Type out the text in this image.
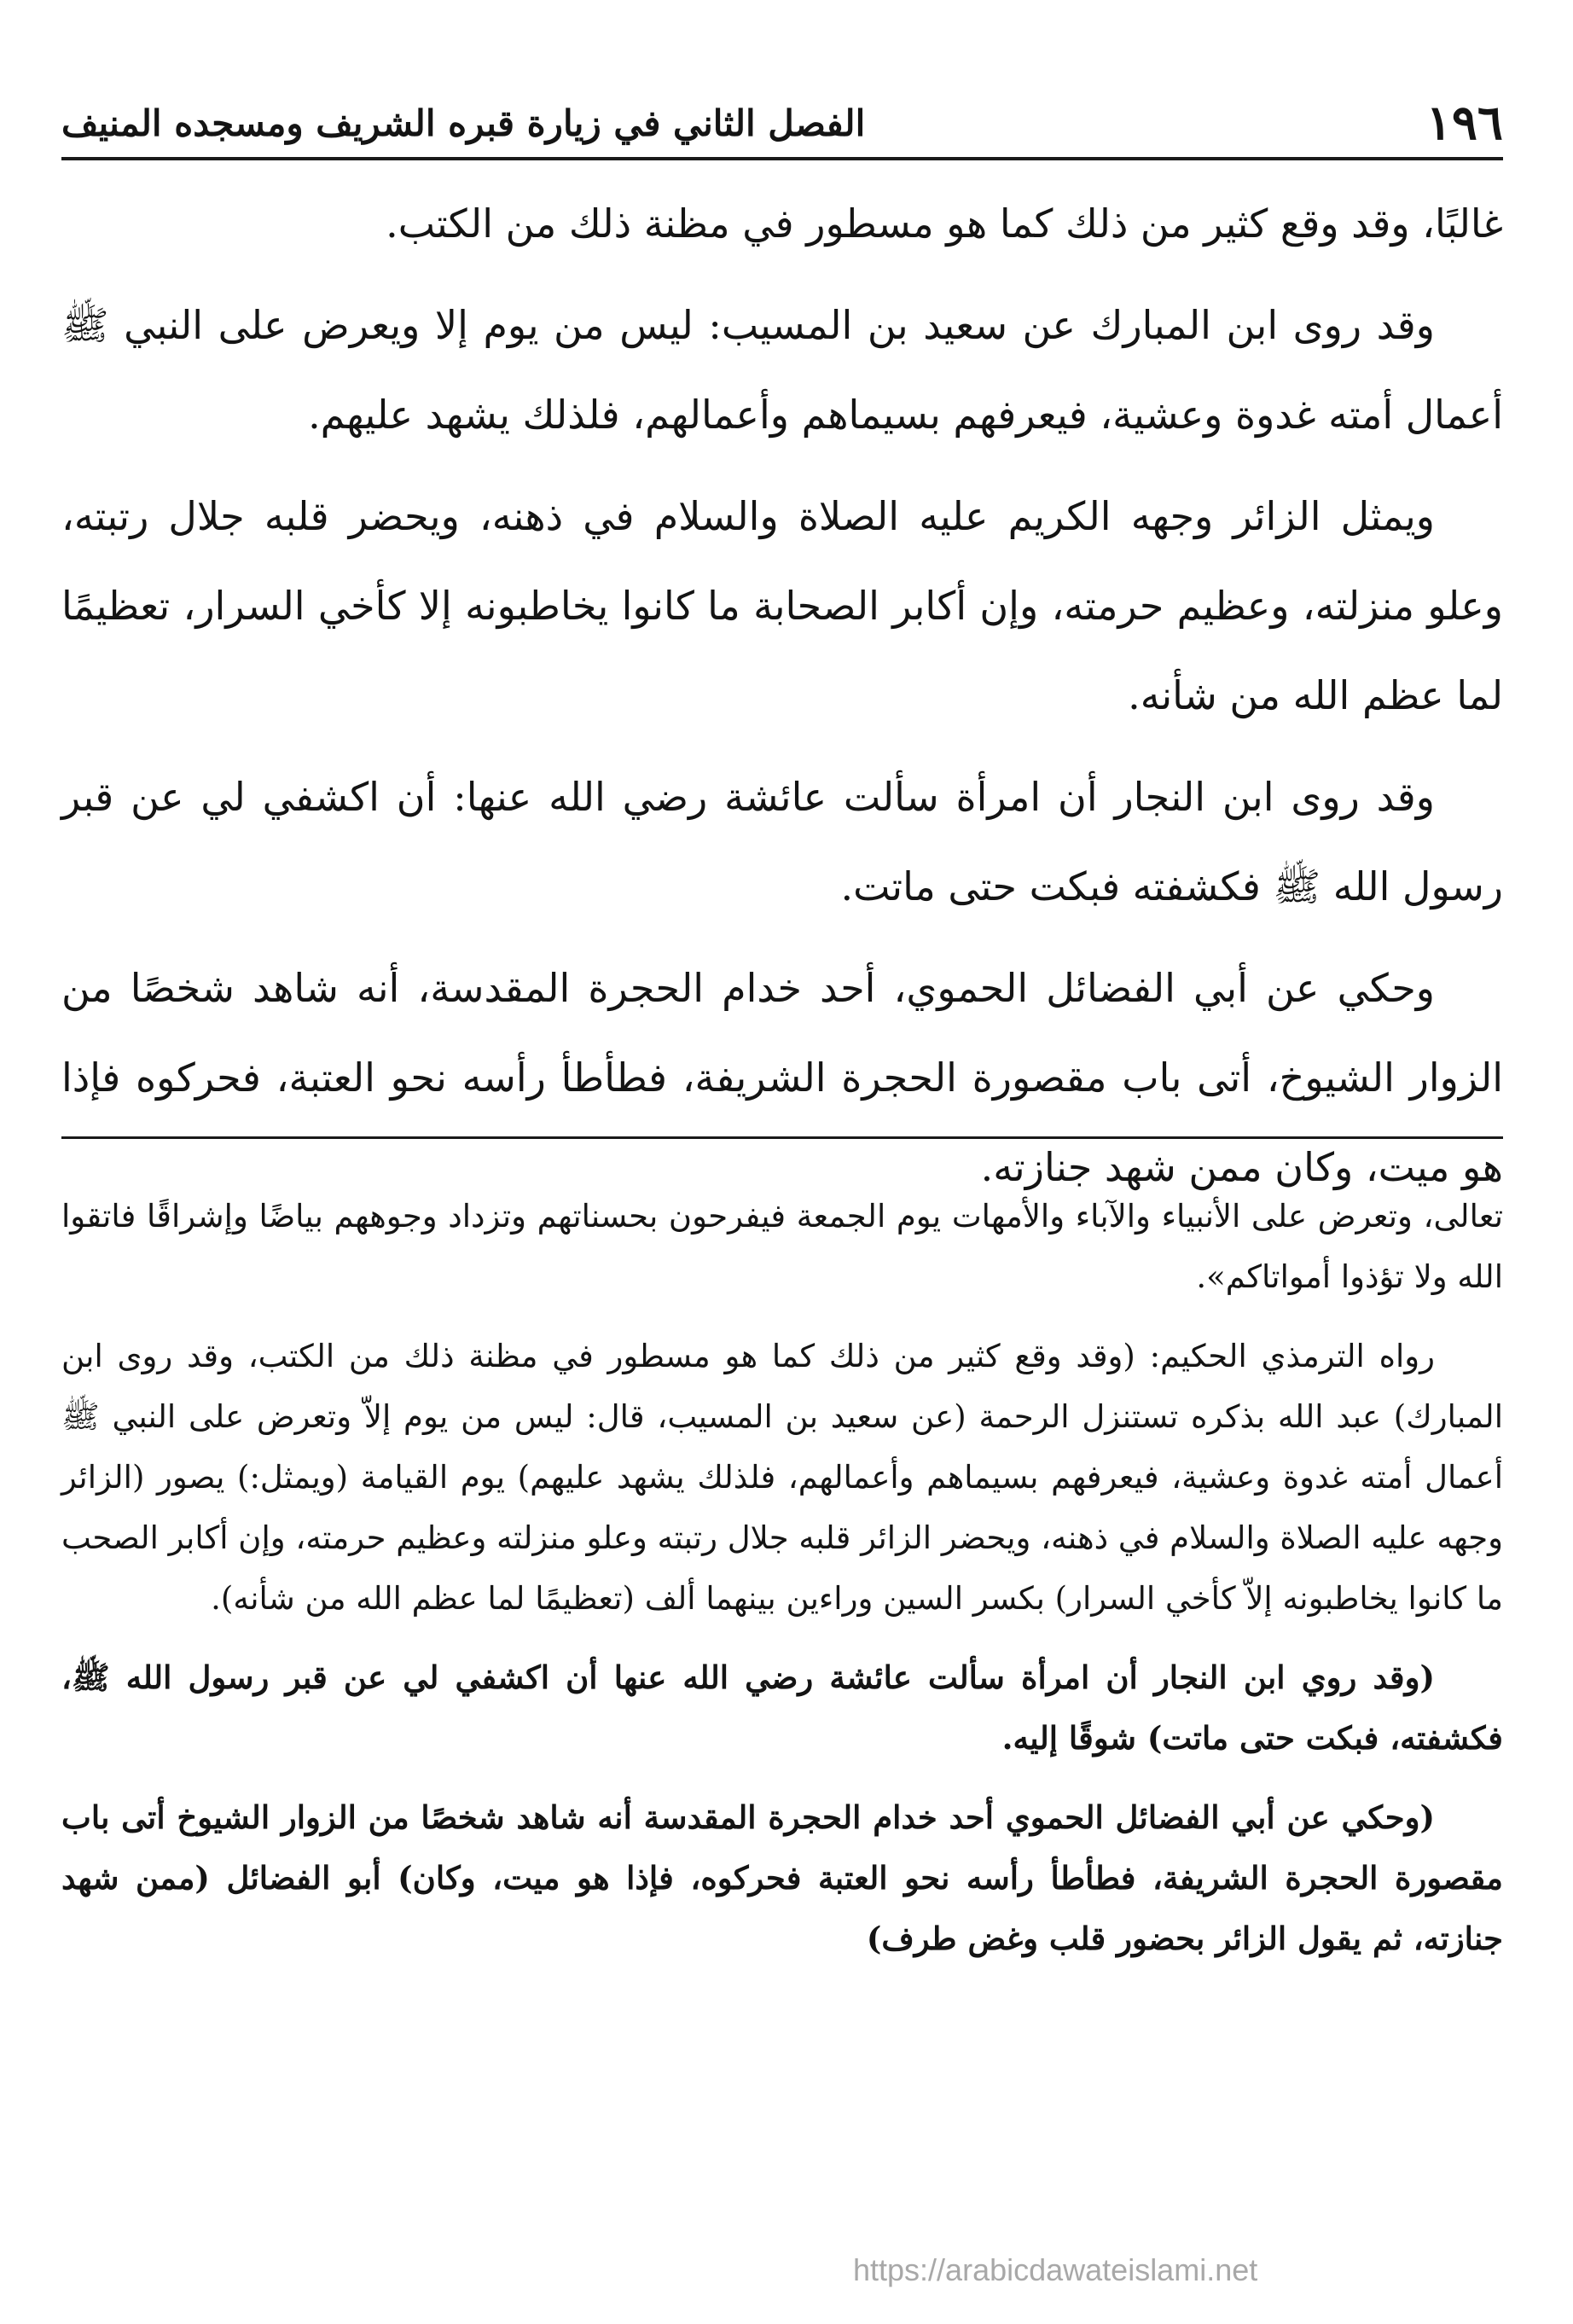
١٩٦
الفصل الثاني في زيارة قبره الشريف ومسجده المنيف

غالبًا، وقد وقع كثير من ذلك كما هو مسطور في مظنة ذلك من الكتب.

وقد روى ابن المبارك عن سعيد بن المسيب: ليس من يوم إلا ويعرض على النبي ﷺ أعمال أمته غدوة وعشية، فيعرفهم بسيماهم وأعمالهم، فلذلك يشهد عليهم.

ويمثل الزائر وجهه الكريم عليه الصلاة والسلام في ذهنه، ويحضر قلبه جلال رتبته، وعلو منزلته، وعظيم حرمته، وإن أكابر الصحابة ما كانوا يخاطبونه إلا كأخي السرار، تعظيمًا لما عظم الله من شأنه.

وقد روى ابن النجار أن امرأة سألت عائشة رضي الله عنها: أن اكشفي لي عن قبر رسول الله ﷺ فكشفته فبكت حتى ماتت.

وحكي عن أبي الفضائل الحموي، أحد خدام الحجرة المقدسة، أنه شاهد شخصًا من الزوار الشيوخ، أتى باب مقصورة الحجرة الشريفة، فطأطأ رأسه نحو العتبة، فحركوه فإذا هو ميت، وكان ممن شهد جنازته.

تعالى، وتعرض على الأنبياء والآباء والأمهات يوم الجمعة فيفرحون بحسناتهم وتزداد وجوههم بياضًا وإشراقًا فاتقوا الله ولا تؤذوا أمواتاكم».

رواه الترمذي الحكيم: (وقد وقع كثير من ذلك كما هو مسطور في مظنة ذلك من الكتب، وقد روى ابن المبارك) عبد الله بذكره تستنزل الرحمة (عن سعيد بن المسيب، قال: ليس من يوم إلاّ وتعرض على النبي ﷺ أعمال أمته غدوة وعشية، فيعرفهم بسيماهم وأعمالهم، فلذلك يشهد عليهم) يوم القيامة (ويمثل:) يصور (الزائر وجهه عليه الصلاة والسلام في ذهنه، ويحضر الزائر قلبه جلال رتبته وعلو منزلته وعظيم حرمته، وإن أكابر الصحب ما كانوا يخاطبونه إلاّ كأخي السرار) بكسر السين وراءين بينهما ألف (تعظيمًا لما عظم الله من شأنه).

(وقد روي ابن النجار أن امرأة سألت عائشة رضي الله عنها أن اكشفي لي عن قبر رسول الله ﷺ، فكشفته، فبكت حتى ماتت) شوقًا إليه.

(وحكي عن أبي الفضائل الحموي أحد خدام الحجرة المقدسة أنه شاهد شخصًا من الزوار الشيوخ أتى باب مقصورة الحجرة الشريفة، فطأطأ رأسه نحو العتبة فحركوه، فإذا هو ميت، وكان) أبو الفضائل (ممن شهد جنازته، ثم يقول الزائر بحضور قلب وغض طرف)

https://arabicdawateislami.net
